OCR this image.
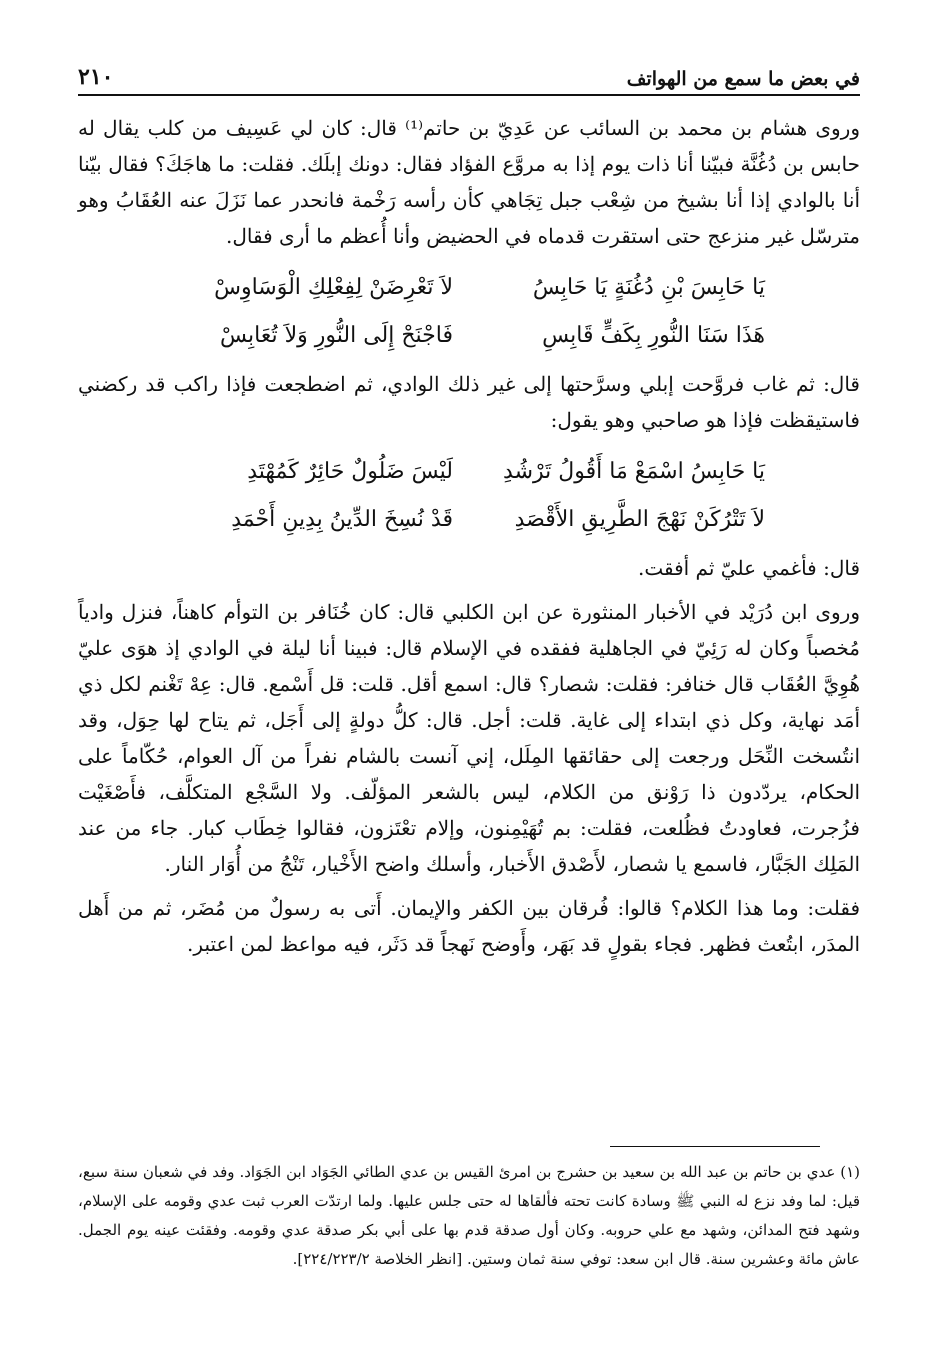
في بعض ما سمع من الهواتف
٢١٠

وروى هشام بن محمد بن السائب عن عَدِيّ بن حاتم⁽¹⁾ قال: كان لي عَسِيف من كلب يقال له حابس بن دُغُنَّة فبيّنا أنا ذات يوم إذا به مروَّع الفؤاد فقال: دونك إبلَك. فقلت: ما هاجَكَ؟ فقال بيّنا أنا بالوادي إذا أنا بشيخ من شِعْب جبل تِجَاهي كأن رأسه رَخْمة فانحدر عما نَزَلَ عنه العُقَابُ وهو مترسّل غير منزعج حتى استقرت قدماه في الحضيض وأنا أُعظم ما أرى فقال.

يَا حَابِسَ بْنِ دُغُنَةٍ يَا حَابِسُ
لاَ تَعْرِضَنْ لِفِعْلِكِ الْوَسَاوِسْ
هَذَا سَنَا النُّورِ بِكَفٍّ قَابِسِ
فَاجْنَحْ إِلَى النُّورِ وَلاَ تُعَابِسْ

قال: ثم غاب فروَّحت إبلي وسرَّحتها إلى غير ذلك الوادي، ثم اضطجعت فإذا راكب قد ركضني فاستيقظت فإذا هو صاحبي وهو يقول:

يَا حَابِسُ اسْمَعْ مَا أَقُولُ تَرْشُدِ
لَيْسَ ضَلُولٌ حَائِرٌ كَمُهْتَدِ
لاَ تَتْرُكَنْ نَهْجَ الطَّرِيقِ الأَقْصَدِ
قَدْ نُسِخَ الدِّينُ بِدِينِ أَحْمَدِ

قال: فأغمي عليّ ثم أفقت.

وروى ابن دُرَيْد في الأخبار المنثورة عن ابن الكلبي قال: كان خُنَافر بن التوأم كاهناً، فنزل وادياً مُخصباً وكان له رَئِيّ في الجاهلية ففقده في الإسلام قال: فبينا أنا ليلة في الوادي إذ هوَى عليّ هُوِيَّ العُقَاب قال خنافر: فقلت: شصار؟ قال: اسمع أقل. قلت: قل أَسْمع. قال: عِهْ تَغْنم لكل ذي أمَد نهاية، وكل ذي ابتداء إلى غاية. قلت: أجل. قال: كلُّ دولةٍ إلى أَجَل، ثم يتاح لها حِوَل، وقد انتُسخت النِّحَل ورجعت إلى حقائقها المِلَل، إني آنست بالشام نفراً من آل العوام، حُكّاماً على الحكام، يردّدون ذا رَوْنق من الكلام، ليس بالشعر المؤلّف. ولا السَّجْع المتكلَّف، فأَصْغَيْت فزُجرت، فعاودتُ فظُلعت، فقلت: بم تُهَيْمِنون، وإلام تعْتَزون، فقالوا خِطَاب كبار. جاء من عند المَلِك الجَبَّار، فاسمع يا شصار، لأَصْدق الأَخبار، وأسلك واضح الأَخْيار، تَنْجُ من أُوَار النار.

فقلت: وما هذا الكلام؟ قالوا: فُرقان بين الكفر والإيمان. أَتى به رسولٌ من مُضَر، ثم من أَهل المدَر، ابتُعث فظهر. فجاء بقولٍ قد بَهَر، وأَوضح نَهجاً قد دَثَر، فيه مواعظ لمن اعتبر.

(١) عدي بن حاتم بن عبد الله بن سعيد بن حشرج بن امرئ القيس بن عدي الطائي الجَوَاد ابن الجَوَاد. وفد في شعبان سنة سبع، قيل: لما وفد نزع له النبي ﷺ وسادة كانت تحته فألقاها له حتى جلس عليها. ولما ارتدّت العرب ثبت عدي وقومه على الإسلام، وشهد فتح المدائن، وشهد مع علي حروبه. وكان أول صدقة قدم بها على أبي بكر صدقة عدي وقومه. وفقئت عينه يوم الجمل. عاش مائة وعشرين سنة. قال ابن سعد: توفي سنة ثمان وستين. [انظر الخلاصة ٢٢٤/٢٢٣/٢].
